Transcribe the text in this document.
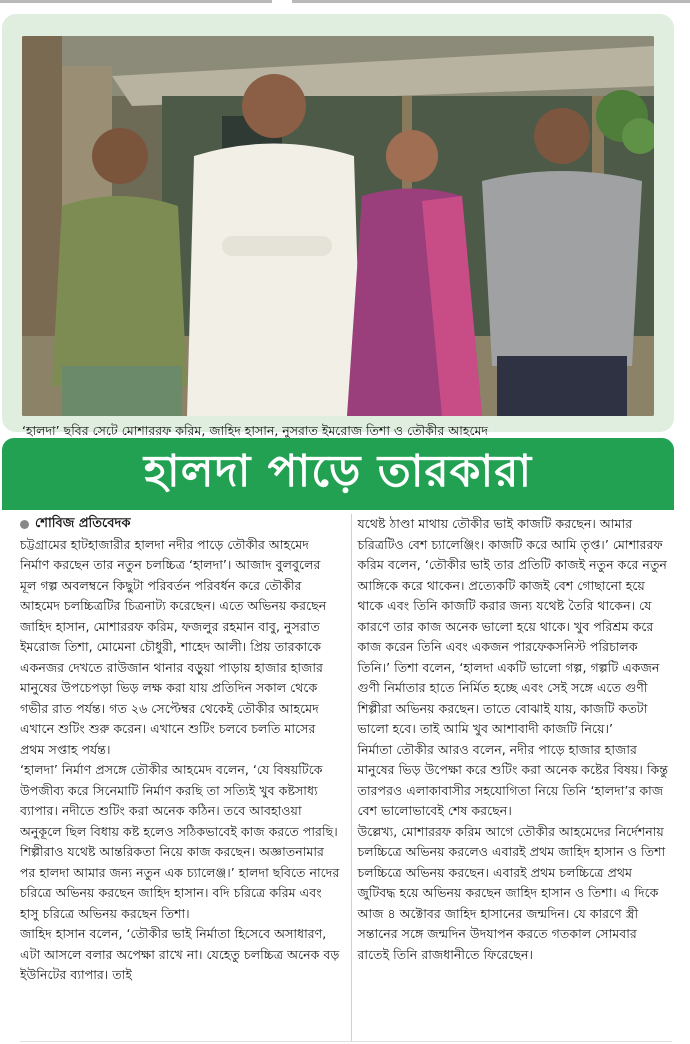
‘হালদা’ ছবির সেটে মোশাররফ করিম, জাহিদ হাসান, নুসরাত ইমরোজ তিশা ও তৌকীর আহমেদ
হালদা পাড়ে তারকারা
শোবিজ প্রতিবেদক

চট্টগ্রামের হাটহাজারীর হালদা নদীর পাড়ে তৌকীর আহমেদ নির্মাণ করছেন তার নতুন চলচ্চিত্র ‘হালদা’। আজাদ বুলবুলের মূল গল্প অবলম্বনে কিছুটা পরিবর্তন পরিবর্ধন করে তৌকীর আহমেদ চলচ্চিত্রটির চিত্রনাট্য করেছেন। এতে অভিনয় করছেন জাহিদ হাসান, মোশাররফ করিম, ফজলুর রহমান বাবু, নুসরাত ইমরোজ তিশা, মোমেনা চৌধুরী, শাহেদ আলী। প্রিয় তারকাকে একনজর দেখতে রাউজান থানার বড়ুয়া পাড়ায় হাজার হাজার মানুষের উপচেপড়া ভিড় লক্ষ করা যায় প্রতিদিন সকাল থেকে গভীর রাত পর্যন্ত। গত ২৬ সেপ্টেম্বর থেকেই তৌকীর আহমেদ এখানে শুটিং শুরু করেন। এখানে শুটিং চলবে চলতি মাসের প্রথম সপ্তাহ পর্যন্ত।

‘হালদা’ নির্মাণ প্রসঙ্গে তৌকীর আহমেদ বলেন, ‘যে বিষয়টিকে উপজীব্য করে সিনেমাটি নির্মাণ করছি তা সত্যিই খুব কষ্টসাধ্য ব্যাপার। নদীতে শুটিং করা অনেক কঠিন। তবে আবহাওয়া অনুকূলে ছিল বিধায় কষ্ট হলেও সঠিকভাবেই কাজ করতে পারছি। শিল্পীরাও যথেষ্ট আন্তরিকতা নিয়ে কাজ করছেন। অজ্ঞাতনামার পর হালদা আমার জন্য নতুন এক চ্যালেঞ্জ।’ হালদা ছবিতে নাদের চরিত্রে অভিনয় করছেন জাহিদ হাসান। বদি চরিত্রে করিম এবং হাসু চরিত্রে অভিনয় করছেন তিশা।

জাহিদ হাসান বলেন, ‘তৌকীর ভাই নির্মাতা হিসেবে অসাধারণ, এটা আসলে বলার অপেক্ষা রাখে না। যেহেতু চলচ্চিত্র অনেক বড় ইউনিটের ব্যাপার। তাই

যথেষ্ট ঠাণ্ডা মাথায় তৌকীর ভাই কাজটি করছেন। আমার চরিত্রটিও বেশ চ্যালেঞ্জিং। কাজটি করে আমি তৃপ্ত।’ মোশাররফ করিম বলেন, ‘তৌকীর ভাই তার প্রতিটি কাজই নতুন করে নতুন আঙ্গিকে করে থাকেন। প্রত্যেকটি কাজই বেশ গোছানো হয়ে থাকে এবং তিনি কাজটি করার জন্য যথেষ্ট তৈরি থাকেন। যে কারণে তার কাজ অনেক ভালো হয়ে থাকে। খুব পরিশ্রম করে কাজ করেন তিনি এবং একজন পারফেকসনিস্ট পরিচালক তিনি।’ তিশা বলেন, ‘হালদা একটি ভালো গল্প, গল্পটি একজন গুণী নির্মাতার হাতে নির্মিত হচ্ছে এবং সেই সঙ্গে এতে গুণী শিল্পীরা অভিনয় করছেন। তাতে বোঝাই যায়, কাজটি কতটা ভালো হবে। তাই আমি খুব আশাবাদী কাজটি নিয়ে।’

নির্মাতা তৌকীর আরও বলেন, নদীর পাড়ে হাজার হাজার মানুষের ভিড় উপেক্ষা করে শুটিং করা অনেক কষ্টের বিষয়। কিন্তু তারপরও এলাকাবাসীর সহযোগিতা নিয়ে তিনি ‘হালদা’র কাজ বেশ ভালোভাবেই শেষ করছেন।

উল্লেখ্য, মোশাররফ করিম আগে তৌকীর আহমেদের নির্দেশনায় চলচ্চিত্রে অভিনয় করলেও এবারই প্রথম জাহিদ হাসান ও তিশা চলচ্চিত্রে অভিনয় করছেন। এবারই প্রথম চলচ্চিত্রে প্রথম জুটিবদ্ধ হয়ে অভিনয় করছেন জাহিদ হাসান ও তিশা। এ দিকে আজ ৪ অক্টোবর জাহিদ হাসানের জন্মদিন। যে কারণে স্ত্রী সন্তানের সঙ্গে জন্মদিন উদযাপন করতে গতকাল সোমবার রাতেই তিনি রাজধানীতে ফিরেছেন।
